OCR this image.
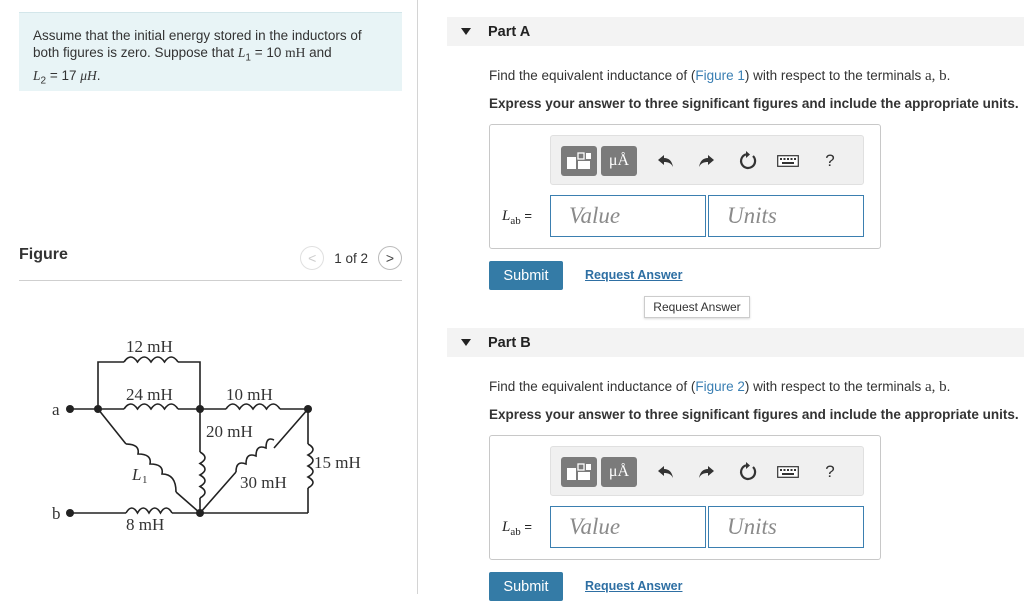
Assume that the initial energy stored in the inductors of
both figures is zero. Suppose that $L_1 = 10$ mH and
$L_2 = 17$ μH.
Figure	<	1 of 2	>
12 mH
24 mH	10 mH
20 mH
15 mH
30 mH
8 mH
L 1
a
b
Part A
Find the equivalent inductance of (Figure 1) with respect to the terminals a, b.
Express your answer to three significant figures and include the appropriate units.
μÅ	?
$L_{ab}$ =
Value
Units
Submit	Request Answer
Request Answer
Part B
Find the equivalent inductance of (Figure 2) with respect to the terminals a, b.
Express your answer to three significant figures and include the appropriate units.
μÅ	?
$L_{ab}$ =
Value
Units
Submit	Request Answer
